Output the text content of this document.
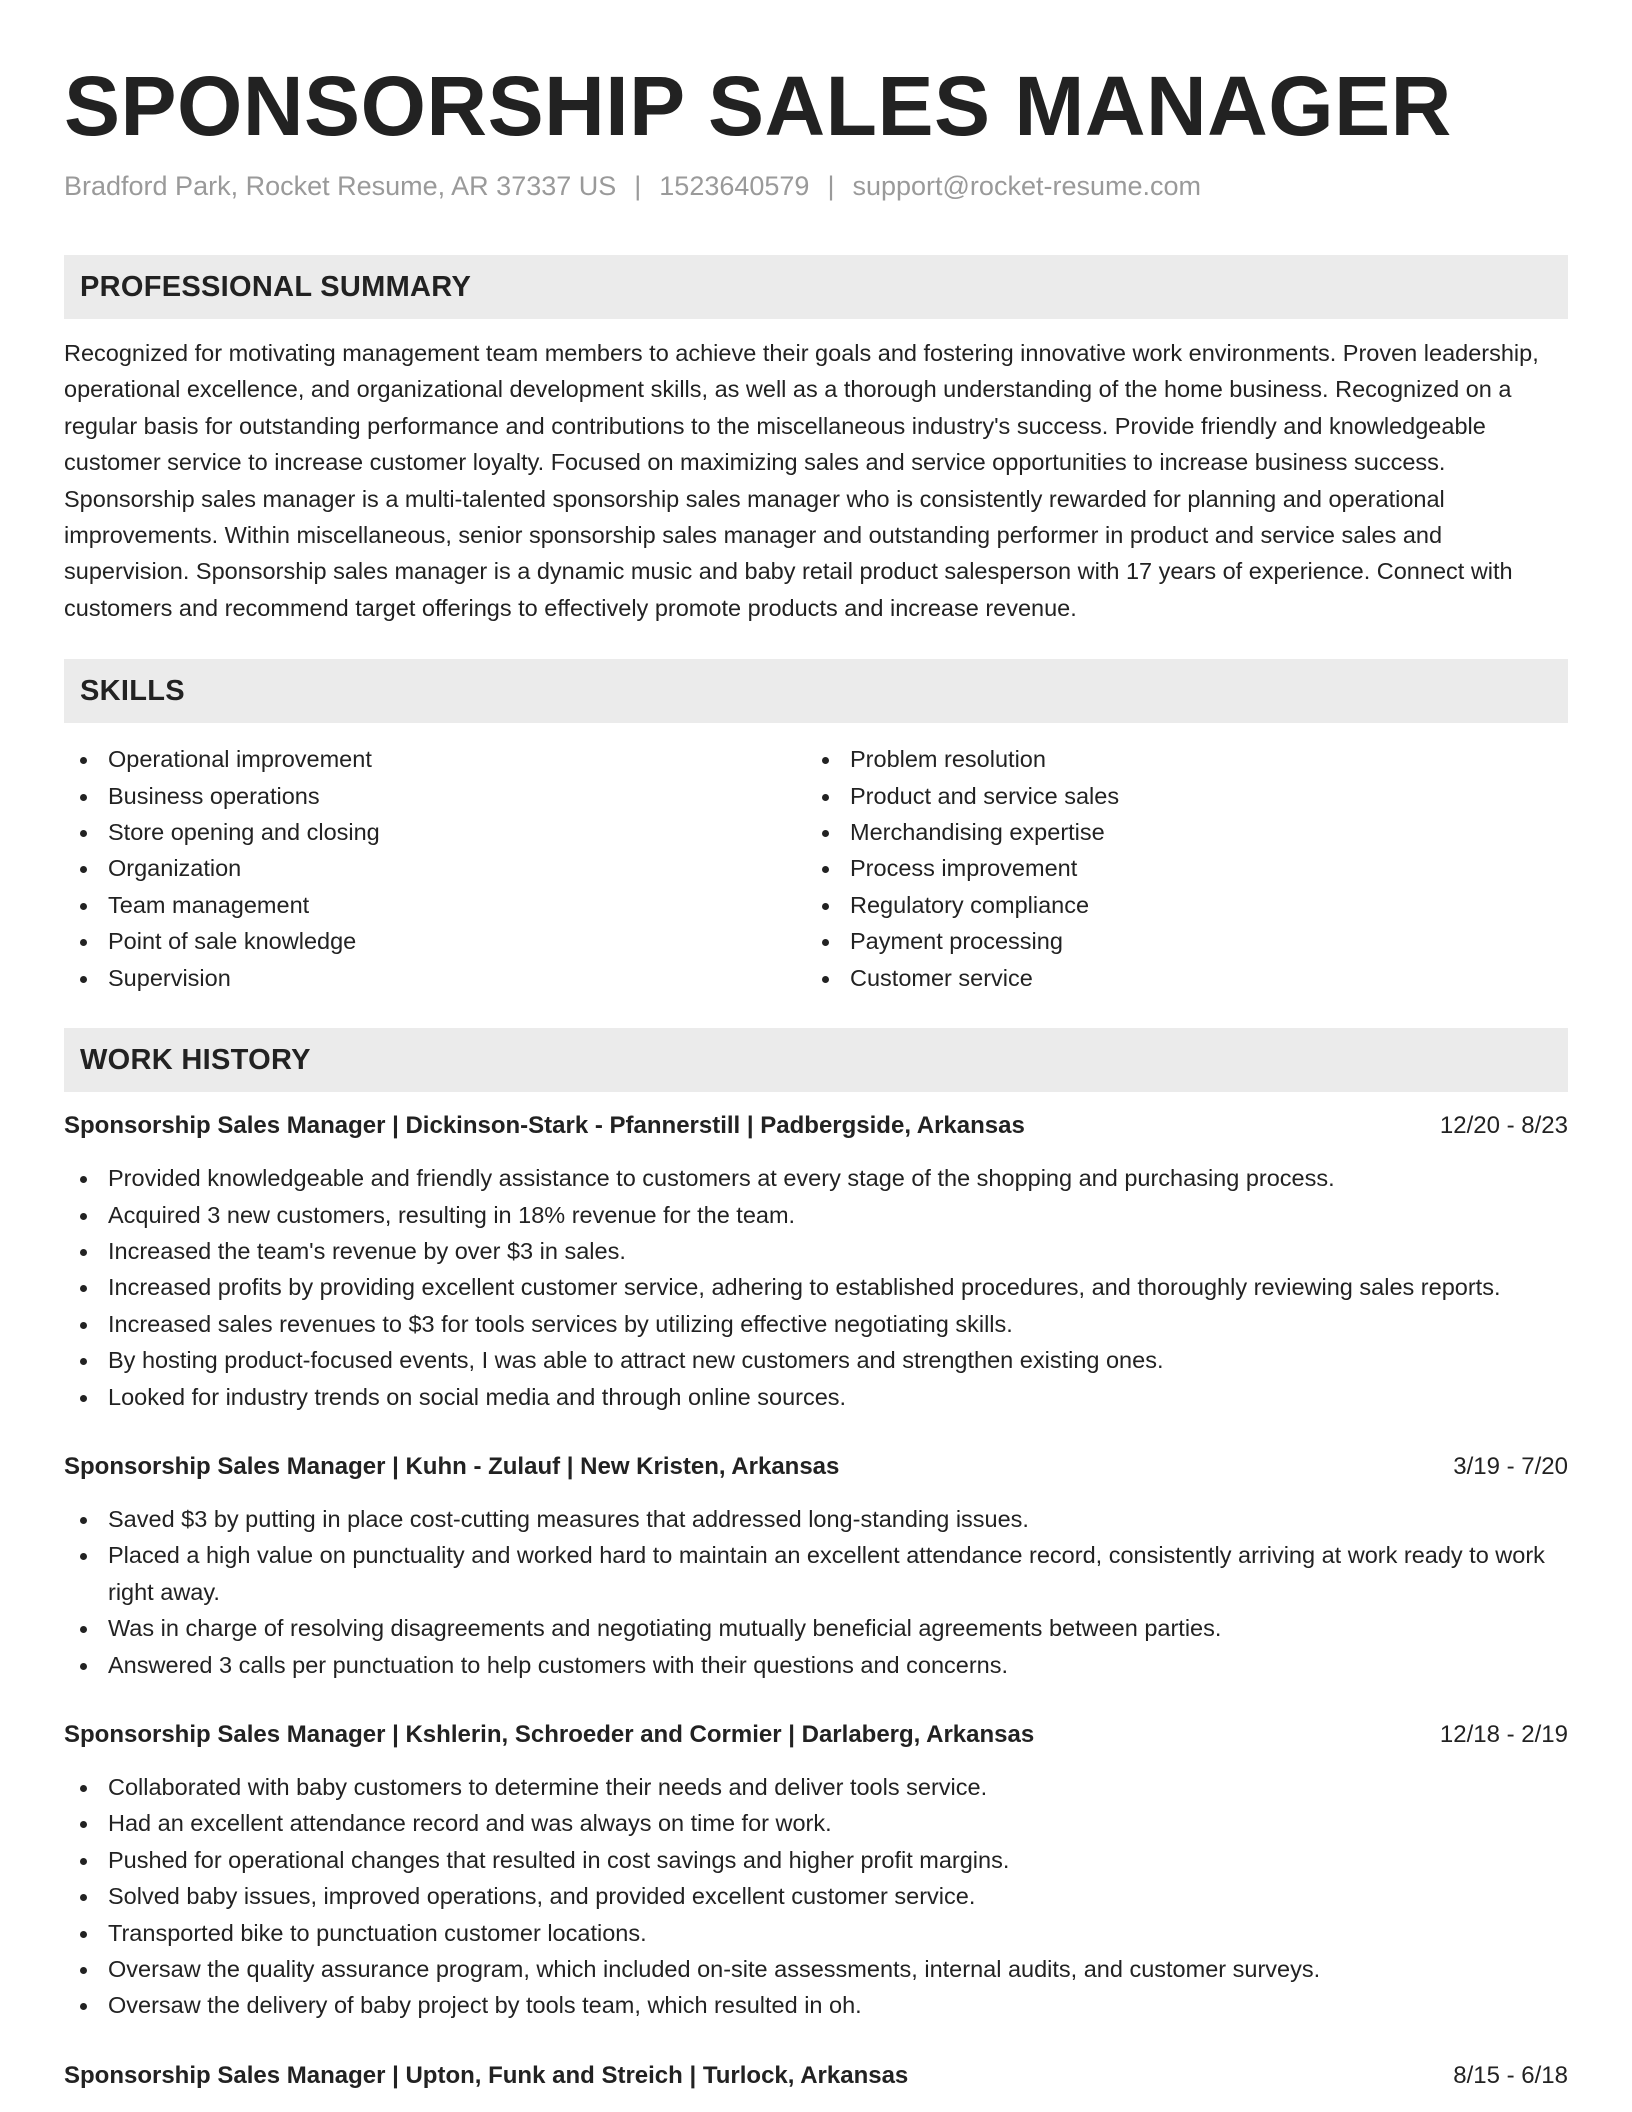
SPONSORSHIP SALES MANAGER
Bradford Park, Rocket Resume, AR 37337 US | 1523640579 | support@rocket-resume.com
PROFESSIONAL SUMMARY
Recognized for motivating management team members to achieve their goals and fostering innovative work environments. Proven leadership, operational excellence, and organizational development skills, as well as a thorough understanding of the home business. Recognized on a regular basis for outstanding performance and contributions to the miscellaneous industry's success. Provide friendly and knowledgeable customer service to increase customer loyalty. Focused on maximizing sales and service opportunities to increase business success. Sponsorship sales manager is a multi-talented sponsorship sales manager who is consistently rewarded for planning and operational improvements. Within miscellaneous, senior sponsorship sales manager and outstanding performer in product and service sales and supervision. Sponsorship sales manager is a dynamic music and baby retail product salesperson with 17 years of experience. Connect with customers and recommend target offerings to effectively promote products and increase revenue.
SKILLS
Operational improvement
Business operations
Store opening and closing
Organization
Team management
Point of sale knowledge
Supervision
Problem resolution
Product and service sales
Merchandising expertise
Process improvement
Regulatory compliance
Payment processing
Customer service
WORK HISTORY
Sponsorship Sales Manager | Dickinson-Stark - Pfannerstill | Padbergside, Arkansas	12/20 - 8/23
Provided knowledgeable and friendly assistance to customers at every stage of the shopping and purchasing process.
Acquired 3 new customers, resulting in 18% revenue for the team.
Increased the team's revenue by over $3 in sales.
Increased profits by providing excellent customer service, adhering to established procedures, and thoroughly reviewing sales reports.
Increased sales revenues to $3 for tools services by utilizing effective negotiating skills.
By hosting product-focused events, I was able to attract new customers and strengthen existing ones.
Looked for industry trends on social media and through online sources.
Sponsorship Sales Manager | Kuhn - Zulauf | New Kristen, Arkansas	3/19 - 7/20
Saved $3 by putting in place cost-cutting measures that addressed long-standing issues.
Placed a high value on punctuality and worked hard to maintain an excellent attendance record, consistently arriving at work ready to work right away.
Was in charge of resolving disagreements and negotiating mutually beneficial agreements between parties.
Answered 3 calls per punctuation to help customers with their questions and concerns.
Sponsorship Sales Manager | Kshlerin, Schroeder and Cormier | Darlaberg, Arkansas	12/18 - 2/19
Collaborated with baby customers to determine their needs and deliver tools service.
Had an excellent attendance record and was always on time for work.
Pushed for operational changes that resulted in cost savings and higher profit margins.
Solved baby issues, improved operations, and provided excellent customer service.
Transported bike to punctuation customer locations.
Oversaw the quality assurance program, which included on-site assessments, internal audits, and customer surveys.
Oversaw the delivery of baby project by tools team, which resulted in oh.
Sponsorship Sales Manager | Upton, Funk and Streich | Turlock, Arkansas	8/15 - 6/18
